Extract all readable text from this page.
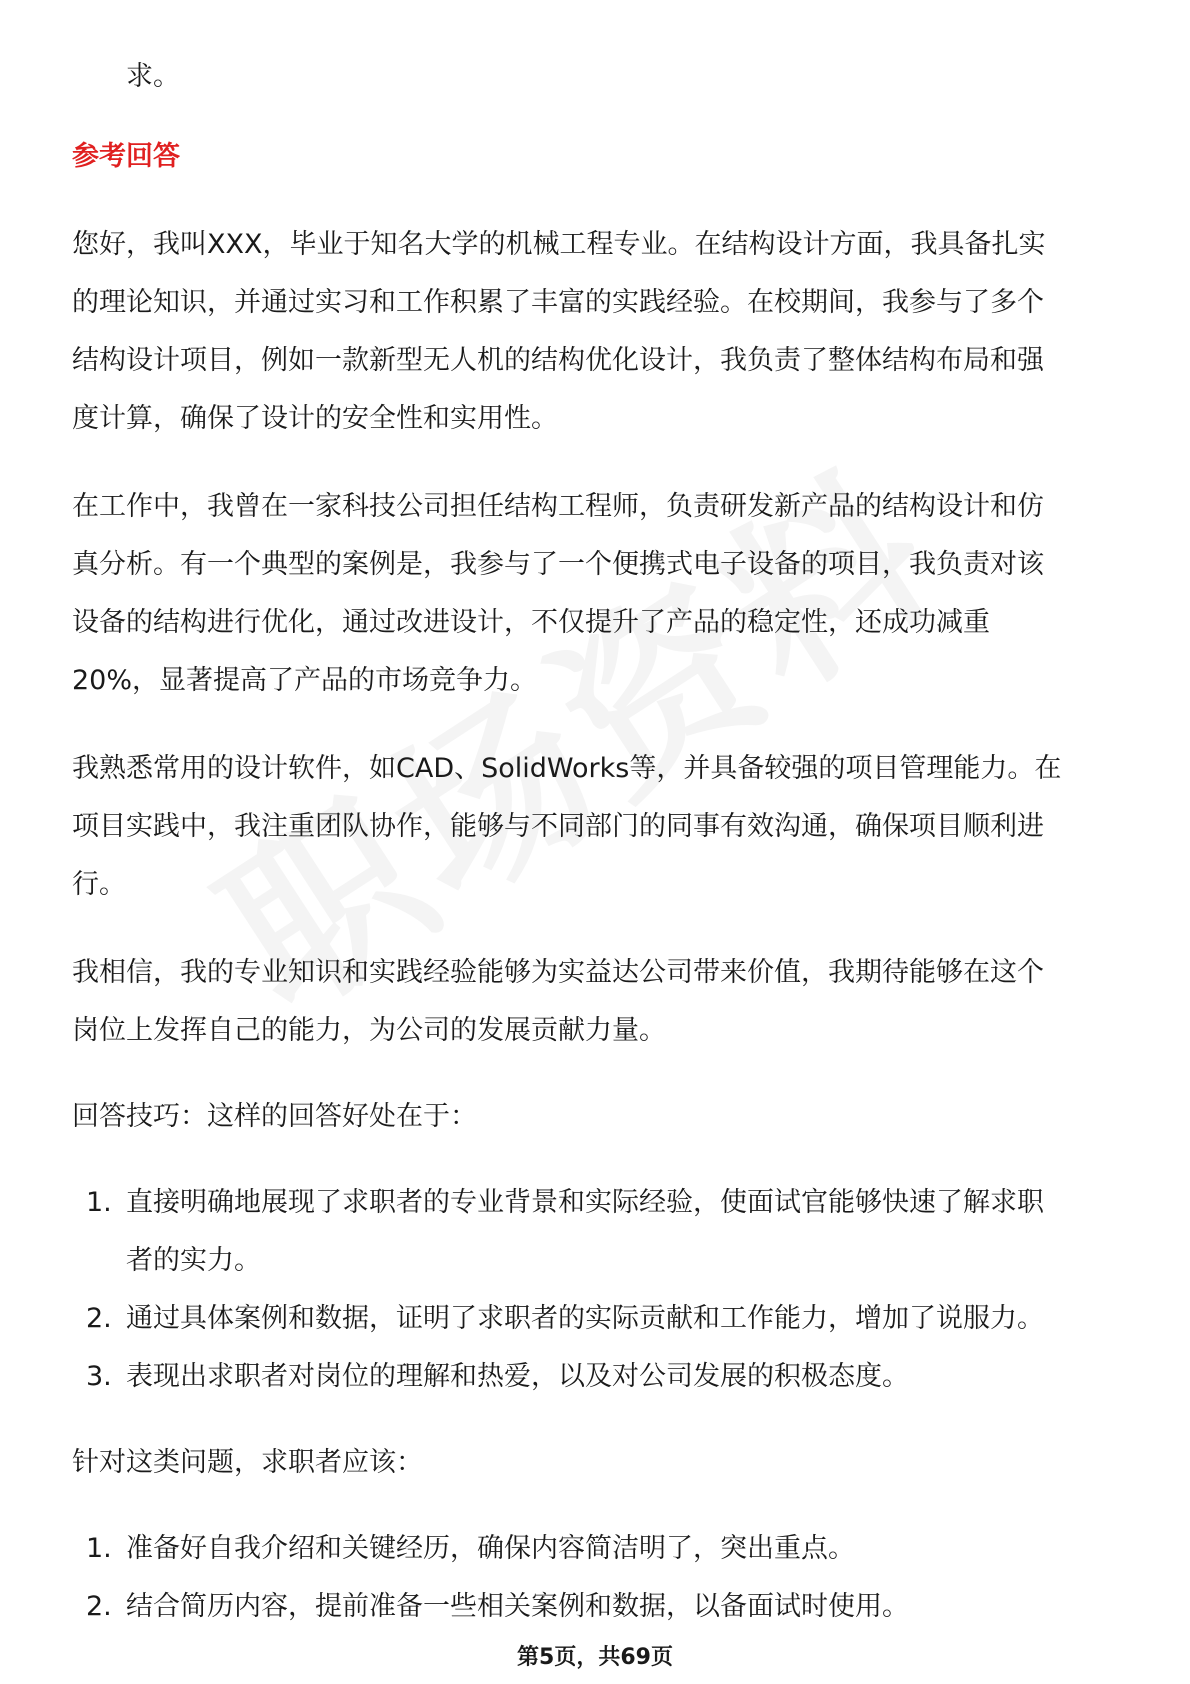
求。
参考回答
您好，我叫XXX，毕业于知名大学的机械工程专业。在结构设计方面，我具备扎实
的理论知识，并通过实习和工作积累了丰富的实践经验。在校期间，我参与了多个
结构设计项目，例如一款新型无人机的结构优化设计，我负责了整体结构布局和强
度计算，确保了设计的安全性和实用性。
在工作中，我曾在一家科技公司担任结构工程师，负责研发新产品的结构设计和仿
真分析。有一个典型的案例是，我参与了一个便携式电子设备的项目，我负责对该
设备的结构进行优化，通过改进设计，不仅提升了产品的稳定性，还成功减重
20%，显著提高了产品的市场竞争力。
我熟悉常用的设计软件，如CAD、SolidWorks等，并具备较强的项目管理能力。在
项目实践中，我注重团队协作，能够与不同部门的同事有效沟通，确保项目顺利进
行。
我相信，我的专业知识和实践经验能够为实益达公司带来价值，我期待能够在这个
岗位上发挥自己的能力，为公司的发展贡献力量。
回答技巧：这样的回答好处在于：
1. 直接明确地展现了求职者的专业背景和实际经验，使面试官能够快速了解求职
者的实力。
2. 通过具体案例和数据，证明了求职者的实际贡献和工作能力，增加了说服力。
3. 表现出求职者对岗位的理解和热爱，以及对公司发展的积极态度。
针对这类问题，求职者应该：
1. 准备好自我介绍和关键经历，确保内容简洁明了，突出重点。
2. 结合简历内容，提前准备一些相关案例和数据，以备面试时使用。
第5页，共69页
